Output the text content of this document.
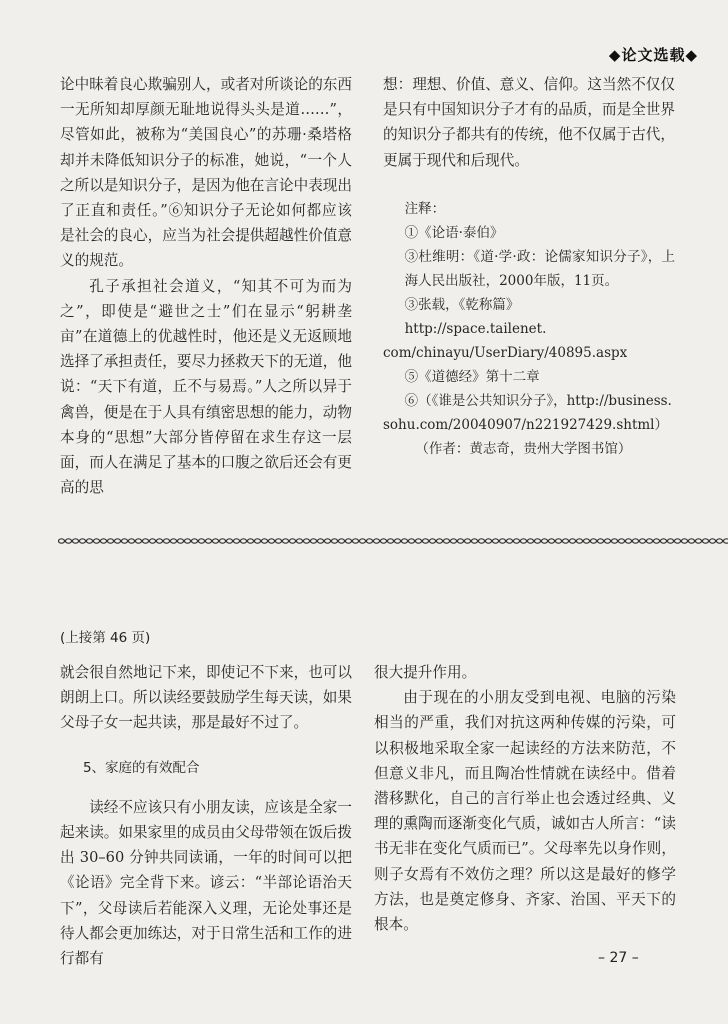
◆论文选载◆

论中昧着良心欺骗别人，或者对所谈论的东西一无所知却厚颜无耻地说得头头是道……”，尽管如此，被称为“美国良心”的苏珊·桑塔格却并未降低知识分子的标准，她说，“一个人之所以是知识分子，是因为他在言论中表现出了正直和责任。”⑥知识分子无论如何都应该是社会的良心，应当为社会提供超越性价值意义的规范。

孔子承担社会道义，“知其不可为而为之”，即使是“避世之士”们在显示“躬耕垄亩”在道德上的优越性时，他还是义无返顾地选择了承担责任，要尽力拯救天下的无道，他说：“天下有道，丘不与易焉。”人之所以异于禽兽，便是在于人具有缜密思想的能力，动物本身的“思想”大部分皆停留在求生存这一层面，而人在满足了基本的口腹之欲后还会有更高的思

想：理想、价值、意义、信仰。这当然不仅仅是只有中国知识分子才有的品质，而是全世界的知识分子都共有的传统，他不仅属于古代，更属于现代和后现代。

注释：

①《论语·泰伯》

③杜维明：《道·学·政：论儒家知识分子》，上海人民出版社，2000年版，11页。

③张载，《乾称篇》

http://space.tailenet.

com/chinayu/UserDiary/40895.aspx

⑤《道德经》第十二章

⑥（《谁是公共知识分子》，http://business.

sohu.com/20040907/n221927429.shtml）

（作者：黄志奇，贵州大学图书馆）

(上接第 46 页)

就会很自然地记下来，即使记不下来，也可以朗朗上口。所以读经要鼓励学生每天读，如果父母子女一起共读，那是最好不过了。

5、家庭的有效配合

读经不应该只有小朋友读，应该是全家一起来读。如果家里的成员由父母带领在饭后拨出 30–60 分钟共同读诵，一年的时间可以把《论语》完全背下来。谚云：“半部论语治天下”，父母读后若能深入义理，无论处事还是待人都会更加练达，对于日常生活和工作的进行都有

很大提升作用。

由于现在的小朋友受到电视、电脑的污染相当的严重，我们对抗这两种传媒的污染，可以积极地采取全家一起读经的方法来防范，不但意义非凡，而且陶冶性情就在读经中。借着潜移默化，自己的言行举止也会透过经典、义理的熏陶而逐渐变化气质，诚如古人所言：“读书无非在变化气质而已”。父母率先以身作则，则子女焉有不效仿之理？所以这是最好的修学方法，也是奠定修身、齐家、治国、平天下的根本。

– 27 –
